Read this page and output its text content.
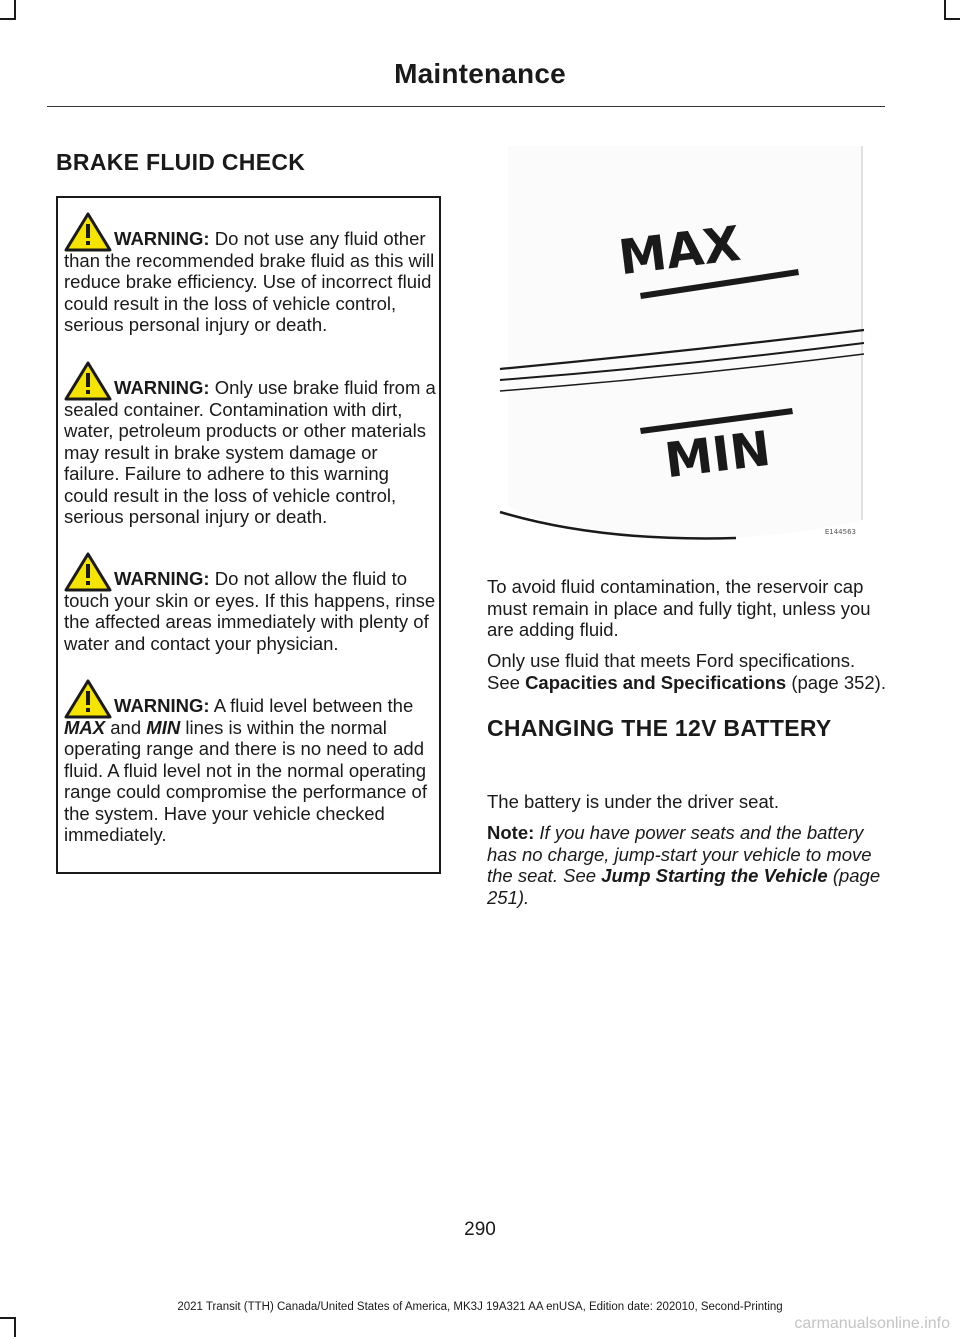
Maintenance
BRAKE FLUID CHECK

WARNING: Do not use any fluid other than the recommended brake fluid as this will reduce brake efficiency. Use of incorrect fluid could result in the loss of vehicle control, serious personal injury or death.

WARNING: Only use brake fluid from a sealed container. Contamination with dirt, water, petroleum products or other materials may result in brake system damage or failure. Failure to adhere to this warning could result in the loss of vehicle control, serious personal injury or death.

WARNING: Do not allow the fluid to touch your skin or eyes. If this happens, rinse the affected areas immediately with plenty of water and contact your physician.

WARNING: A fluid level between the MAX and MIN lines is within the normal operating range and there is no need to add fluid. A fluid level not in the normal operating range could compromise the performance of the system. Have your vehicle checked immediately.

MAX
MIN
E144563

To avoid fluid contamination, the reservoir cap must remain in place and fully tight, unless you are adding fluid.

Only use fluid that meets Ford specifications. See Capacities and Specifications (page 352).

CHANGING THE 12V BATTERY

The battery is under the driver seat.

Note: If you have power seats and the battery has no charge, jump-start your vehicle to move the seat. See Jump Starting the Vehicle (page 251).

290
2021 Transit (TTH) Canada/United States of America, MK3J 19A321 AA enUSA, Edition date: 202010, Second-Printing
carmanualsonline.info
